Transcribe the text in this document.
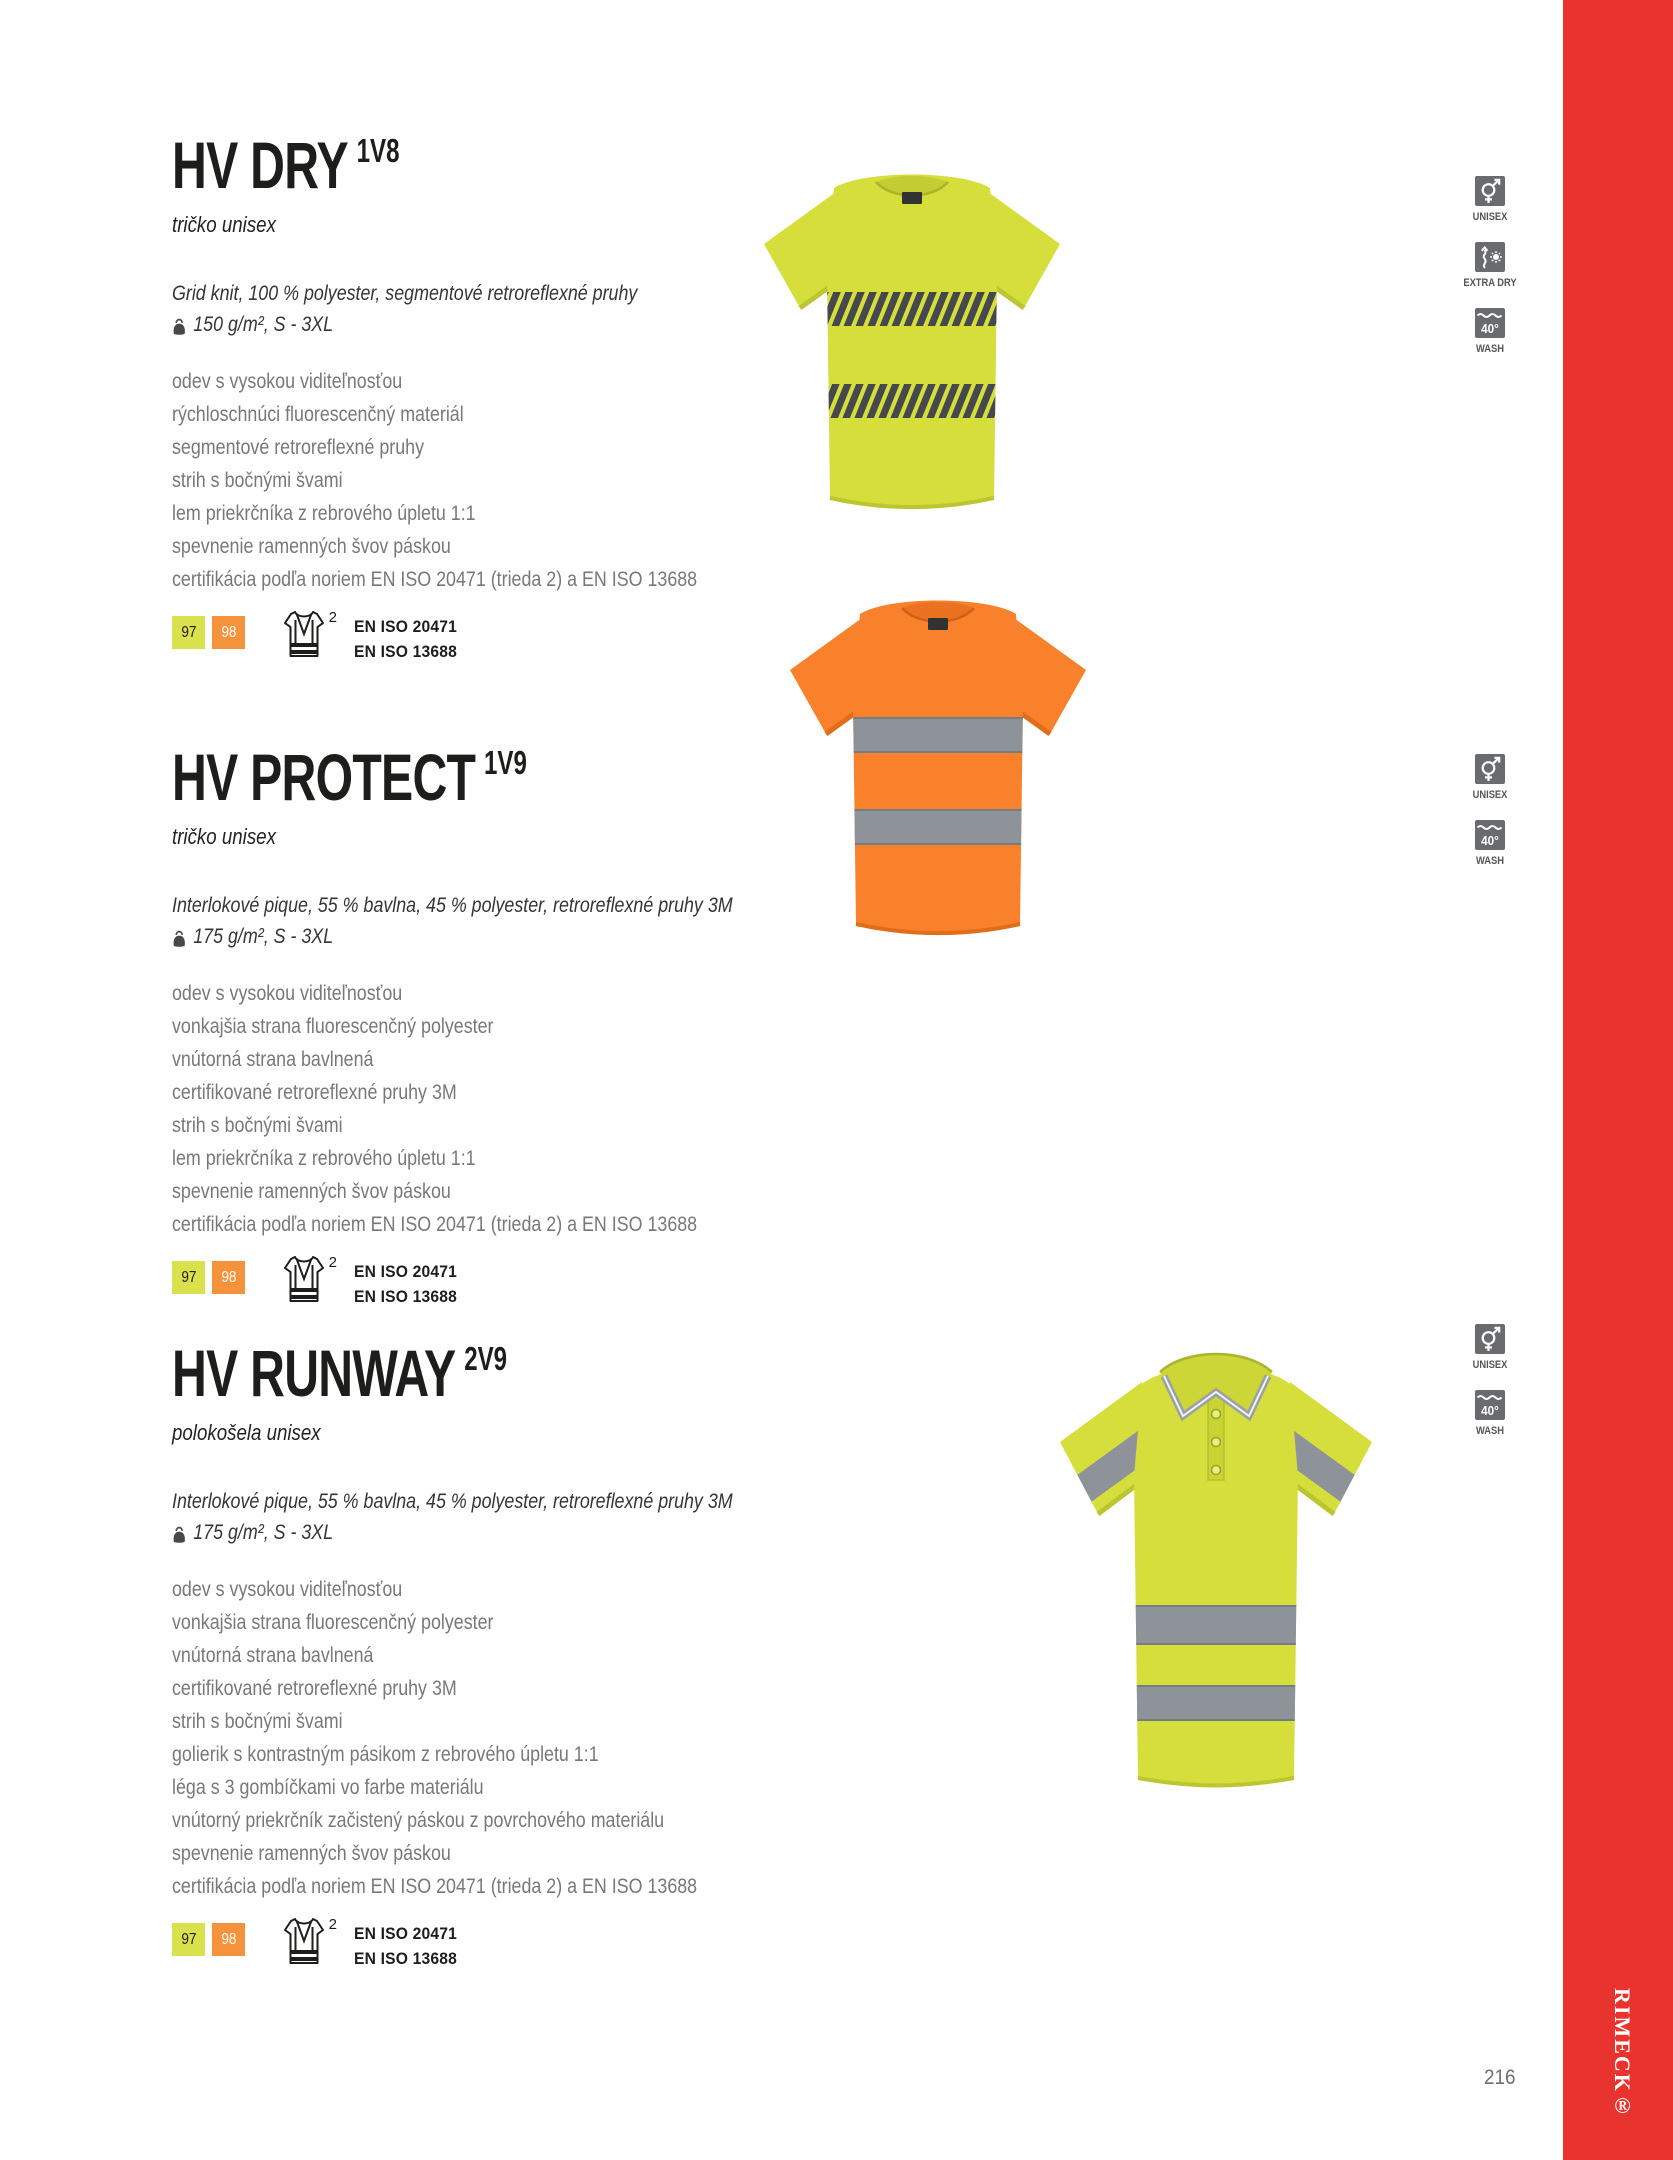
HV DRY $^{1V8}$
tričko unisex
Grid knit, 100 % polyester, segmentové retroreflexné pruhy
150 g/m², S - 3XL
odev s vysokou viditeľnosťou
rýchloschnúci fluorescenčný materiál
segmentové retroreflexné pruhy
strih s bočnými švami
lem priekrčníka z rebrového úpletu 1:1
spevnenie ramenných švov páskou
certifikácia podľa noriem EN ISO 20471 (trieda 2) a EN ISO 13688
97 98
2 EN ISO 20471
EN ISO 13688
UNISEX
EXTRA DRY
40°
WASH
HV PROTECT $^{1V9}$
tričko unisex
Interlokové pique, 55 % bavlna, 45 % polyester, retroreflexné pruhy 3M
175 g/m², S - 3XL
odev s vysokou viditeľnosťou
vonkajšia strana fluorescenčný polyester
vnútorná strana bavlnená
certifikované retroreflexné pruhy 3M
strih s bočnými švami
lem priekrčníka z rebrového úpletu 1:1
spevnenie ramenných švov páskou
certifikácia podľa noriem EN ISO 20471 (trieda 2) a EN ISO 13688
97 98
2 EN ISO 20471
EN ISO 13688
UNISEX
40°
WASH
HV RUNWAY $^{2V9}$
polokošela unisex
Interlokové pique, 55 % bavlna, 45 % polyester, retroreflexné pruhy 3M
175 g/m², S - 3XL
odev s vysokou viditeľnosťou
vonkajšia strana fluorescenčný polyester
vnútorná strana bavlnená
certifikované retroreflexné pruhy 3M
strih s bočnými švami
golierik s kontrastným pásikom z rebrového úpletu 1:1
léga s 3 gombíčkami vo farbe materiálu
vnútorný priekrčník začistený páskou z povrchového materiálu
spevnenie ramenných švov páskou
certifikácia podľa noriem EN ISO 20471 (trieda 2) a EN ISO 13688
97 98
2 EN ISO 20471
EN ISO 13688
UNISEX
40°
WASH
RIMECK®
216
